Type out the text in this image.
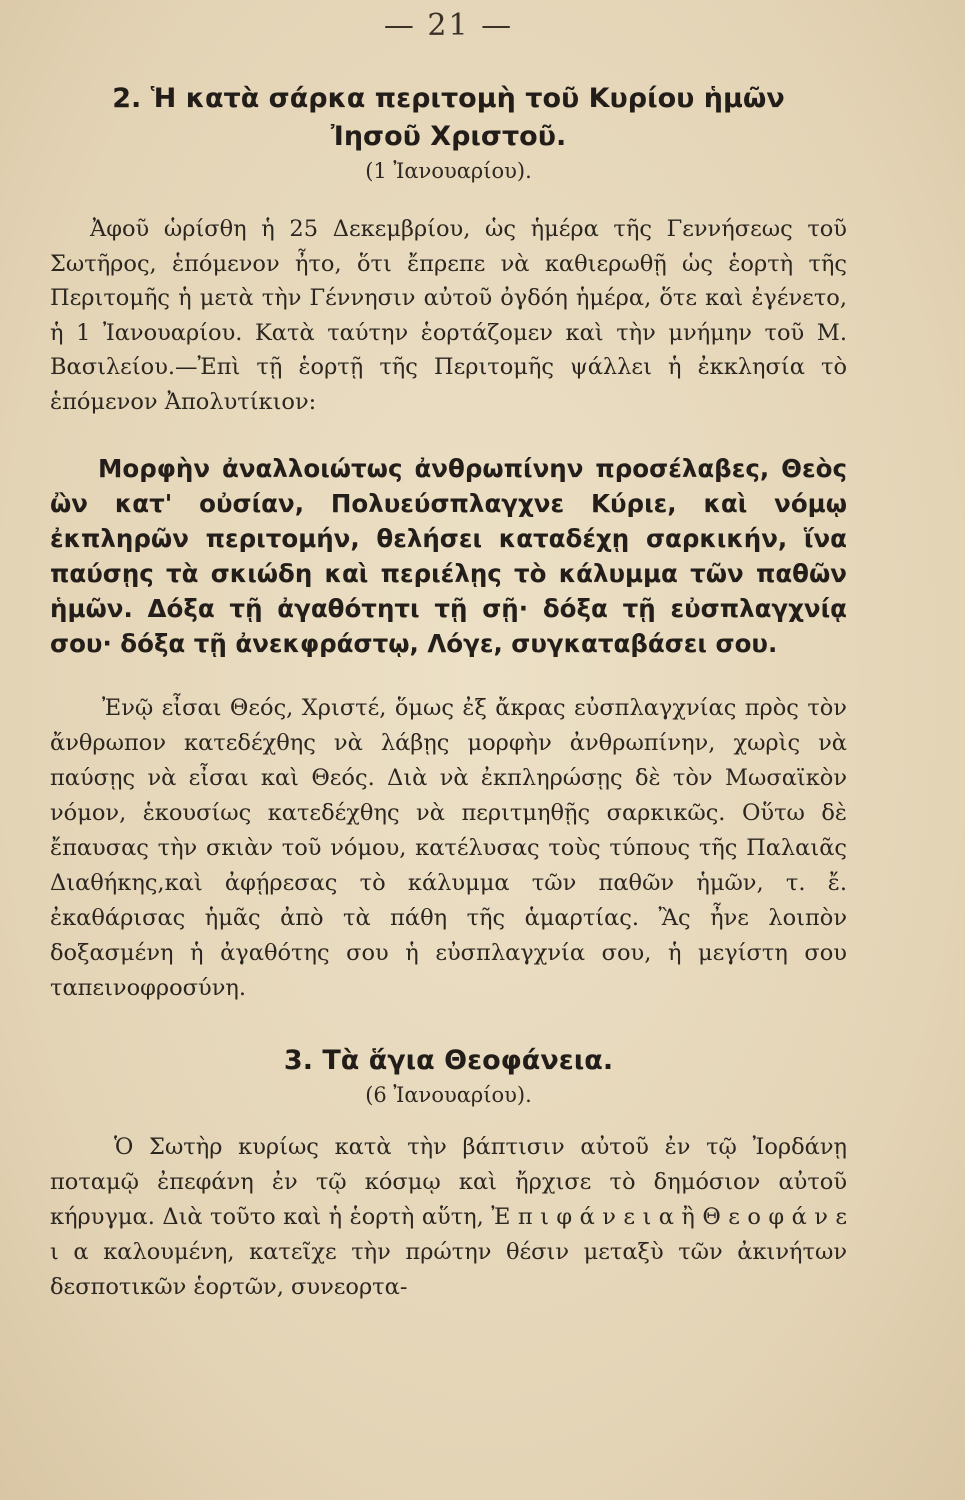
— 21 —
2. Ἡ κατὰ σάρκα περιτομὴ τοῦ Κυρίου ἡμῶν
Ἰησοῦ Χριστοῦ.
(1 Ἰανουαρίου).

Ἀφοῦ ὡρίσθη ἡ 25 Δεκεμβρίου, ὡς ἡμέρα τῆς Γεννήσεως τοῦ Σωτῆρος, ἑπόμενον ἦτο, ὅτι ἔπρεπε νὰ καθιερωθῇ ὡς ἑορτὴ τῆς Περιτομῆς ἡ μετὰ τὴν Γέννησιν αὐτοῦ ὀγδόη ἡμέρα, ὅτε καὶ ἐγένετο, ἡ 1 Ἰανουαρίου. Κατὰ ταύτην ἑορτάζομεν καὶ τὴν μνήμην τοῦ Μ. Βασιλείου.—Ἐπὶ τῇ ἑορτῇ τῆς Περιτομῆς ψάλλει ἡ ἐκκλησία τὸ ἑπόμενον Ἀπολυτίκιον:

Μορφὴν ἀναλλοιώτως ἀνθρωπίνην προσέλαβες, Θεὸς ὢν κατ' οὐσίαν, Πολυεύσπλαγχνε Κύριε, καὶ νόμῳ ἐκπληρῶν περιτομήν, θελήσει καταδέχῃ σαρκικήν, ἵνα παύσῃς τὰ σκιώδη καὶ περιέλῃς τὸ κάλυμμα τῶν παθῶν ἡμῶν. Δόξα τῇ ἀγαθότητι τῇ σῇ· δόξα τῇ εὐσπλαγχνίᾳ σου· δόξα τῇ ἀνεκφράστῳ, Λόγε, συγκαταβάσει σου.

Ἐνῷ εἶσαι Θεός, Χριστέ, ὅμως ἐξ ἄκρας εὐσπλαγχνίας πρὸς τὸν ἄνθρωπον κατεδέχθης νὰ λάβῃς μορφὴν ἀνθρωπίνην, χωρὶς νὰ παύσῃς νὰ εἶσαι καὶ Θεός. Διὰ νὰ ἐκπληρώσῃς δὲ τὸν Μωσαϊκὸν νόμον, ἑκουσίως κατεδέχθης νὰ περιτμηθῇς σαρκικῶς. Οὕτω δὲ ἔπαυσας τὴν σκιὰν τοῦ νόμου, κατέλυσας τοὺς τύπους τῆς Παλαιᾶς Διαθήκης,καὶ ἀφῄρεσας τὸ κάλυμμα τῶν παθῶν ἡμῶν, τ. ἔ. ἐκαθάρισας ἡμᾶς ἀπὸ τὰ πάθη τῆς ἁμαρτίας. Ἂς ἦνε λοιπὸν δοξασμένη ἡ ἀγαθότης σου ἡ εὐσπλαγχνία σου, ἡ μεγίστη σου ταπεινοφροσύνη.

3. Τὰ ἅγια Θεοφάνεια.
(6 Ἰανουαρίου).

Ὁ Σωτὴρ κυρίως κατὰ τὴν βάπτισιν αὐτοῦ ἐν τῷ Ἰορδάνῃ ποταμῷ ἐπεφάνη ἐν τῷ κόσμῳ καὶ ἤρχισε τὸ δημόσιον αὐτοῦ κήρυγμα. Διὰ τοῦτο καὶ ἡ ἑορτὴ αὕτη, Ἐ π ι φ ά ν ε ι α ἢ Θ ε ο φ ά ν ε ι α καλουμένη, κατεῖχε τὴν πρώτην θέσιν μεταξὺ τῶν ἀκινήτων δεσποτικῶν ἑορτῶν, συνεορτα-
